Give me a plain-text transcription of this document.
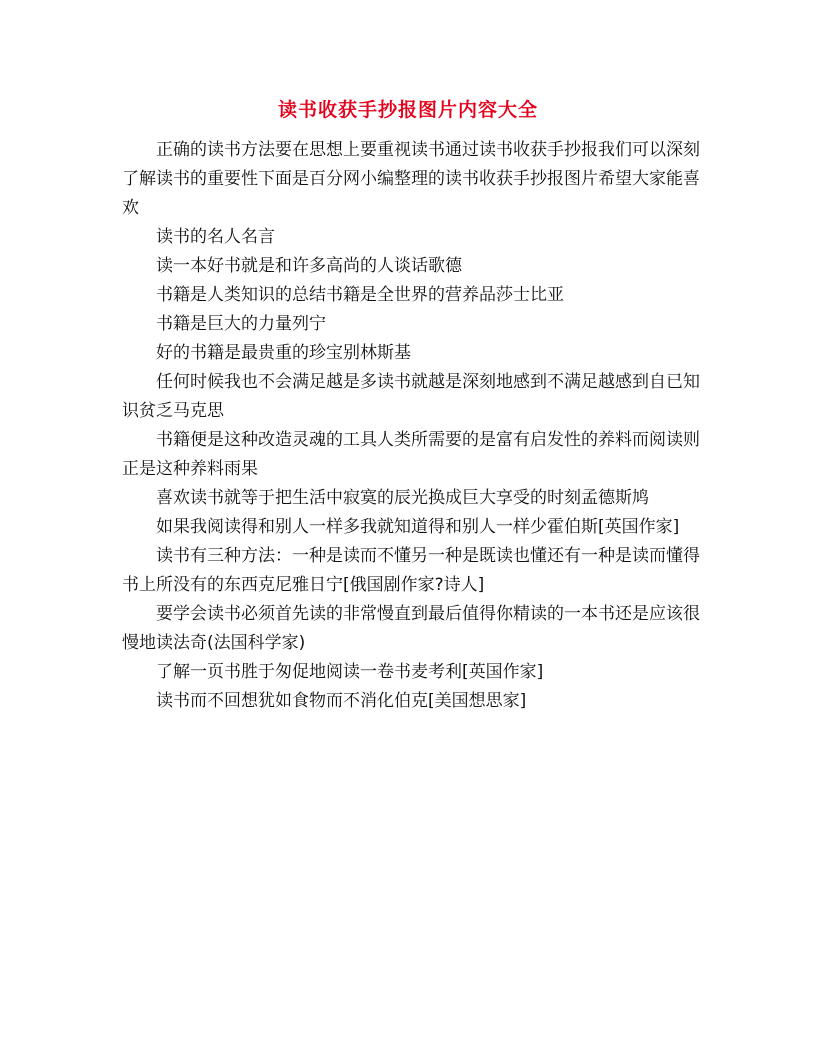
读书收获手抄报图片内容大全

正确的读书方法要在思想上要重视读书通过读书收获手抄报我们可以深刻了解读书的重要性下面是百分网小编整理的读书收获手抄报图片希望大家能喜欢

读书的名人名言

读一本好书就是和许多高尚的人谈话歌德

书籍是人类知识的总结书籍是全世界的营养品莎士比亚

书籍是巨大的力量列宁

好的书籍是最贵重的珍宝别林斯基

任何时候我也不会满足越是多读书就越是深刻地感到不满足越感到自已知识贫乏马克思

书籍便是这种改造灵魂的工具人类所需要的是富有启发性的养料而阅读则正是这种养料雨果

喜欢读书就等于把生活中寂寞的辰光换成巨大享受的时刻孟德斯鸠

如果我阅读得和别人一样多我就知道得和别人一样少霍伯斯[英国作家]

读书有三种方法：一种是读而不懂另一种是既读也懂还有一种是读而懂得书上所没有的东西克尼雅日宁[俄国剧作家?诗人]

要学会读书必须首先读的非常慢直到最后值得你精读的一本书还是应该很慢地读法奇(法国科学家)

了解一页书胜于匆促地阅读一卷书麦考利[英国作家]

读书而不回想犹如食物而不消化伯克[美国想思家]
